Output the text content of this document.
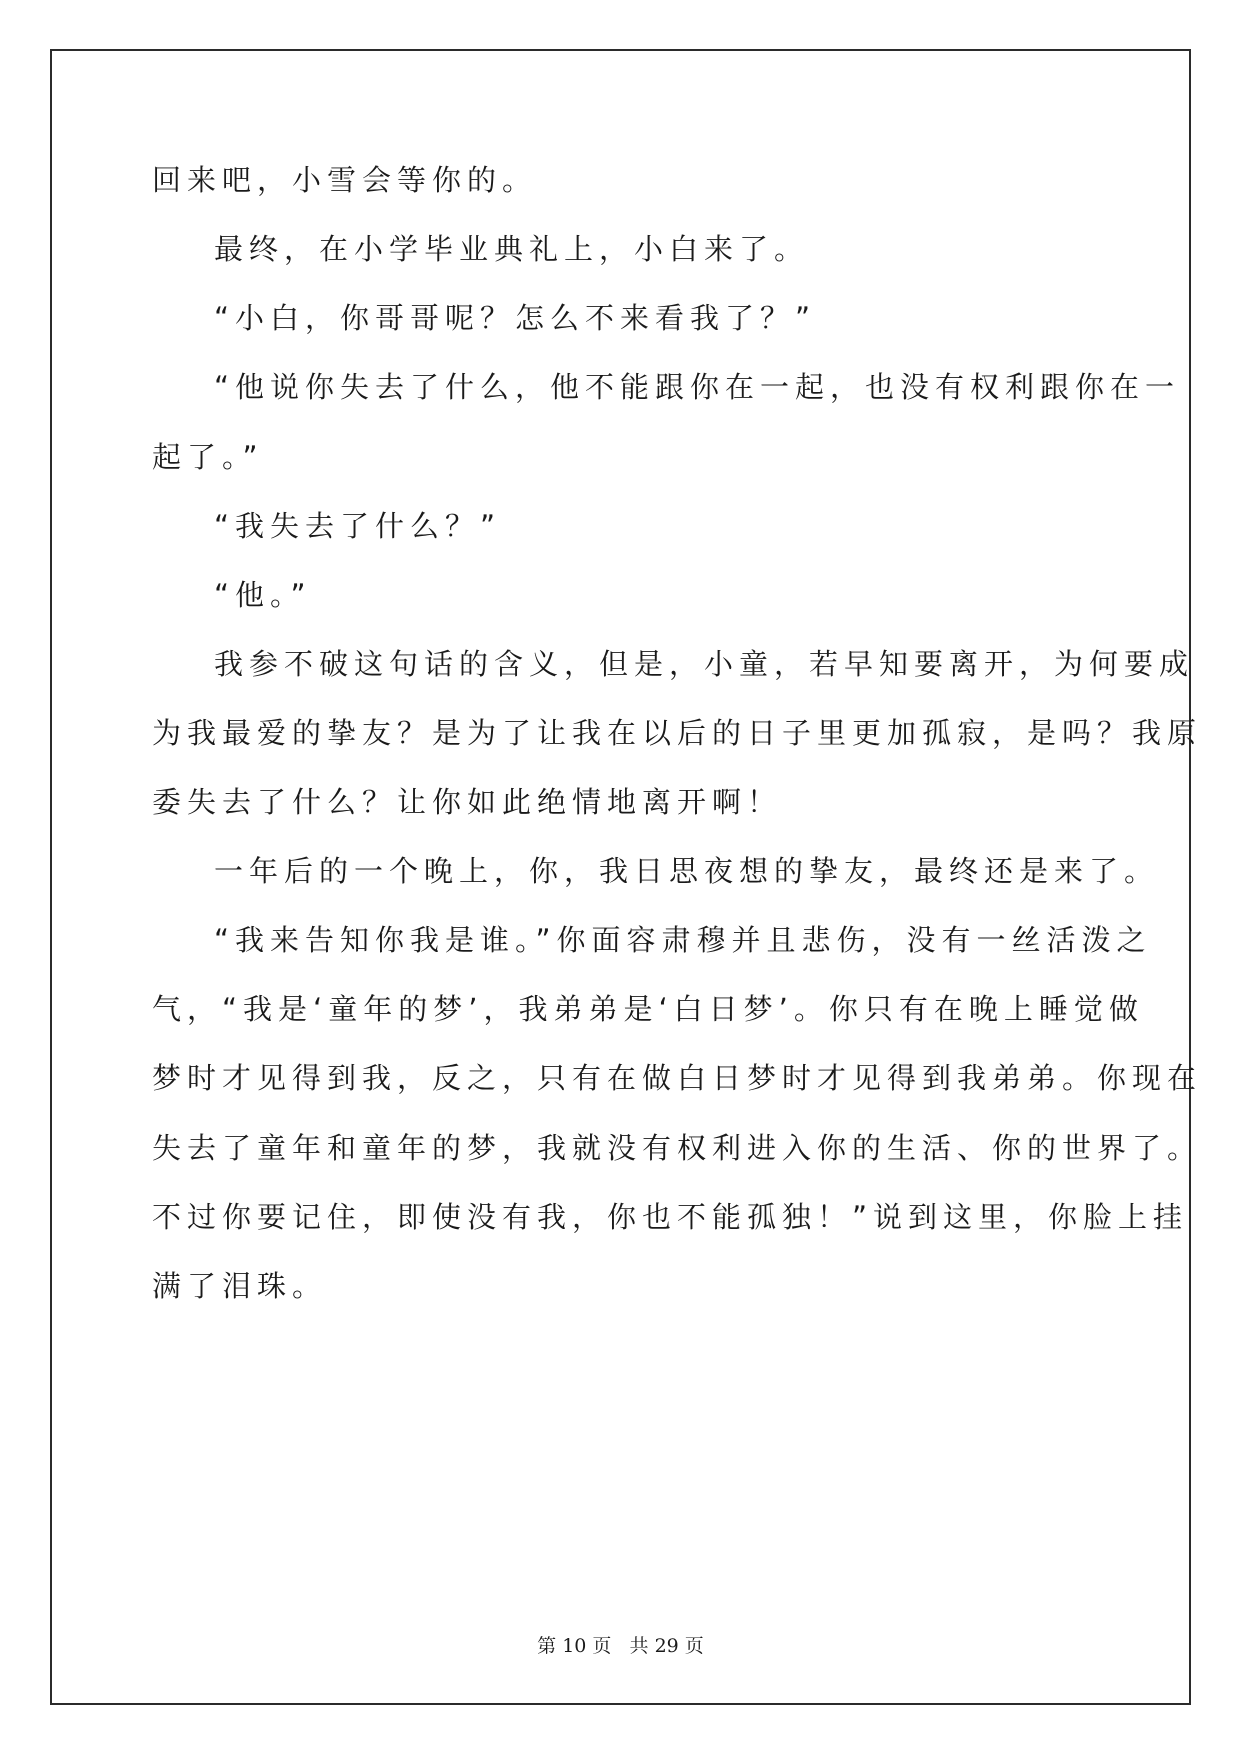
回来吧，小雪会等你的。
最终，在小学毕业典礼上，小白来了。
“小白，你哥哥呢？怎么不来看我了？”
“他说你失去了什么，他不能跟你在一起，也没有权利跟你在一
起了。”
“我失去了什么？”
“他。”
我参不破这句话的含义，但是，小童，若早知要离开，为何要成
为我最爱的挚友？是为了让我在以后的日子里更加孤寂，是吗？我原
委失去了什么？让你如此绝情地离开啊！
一年后的一个晚上，你，我日思夜想的挚友，最终还是来了。
“我来告知你我是谁。”你面容肃穆并且悲伤，没有一丝活泼之
气，“我是‘童年的梦’，我弟弟是‘白日梦’。你只有在晚上睡觉做
梦时才见得到我，反之，只有在做白日梦时才见得到我弟弟。你现在
失去了童年和童年的梦，我就没有权利进入你的生活、你的世界了。
不过你要记住，即使没有我，你也不能孤独！”说到这里，你脸上挂
满了泪珠。
第 10 页   共 29 页
